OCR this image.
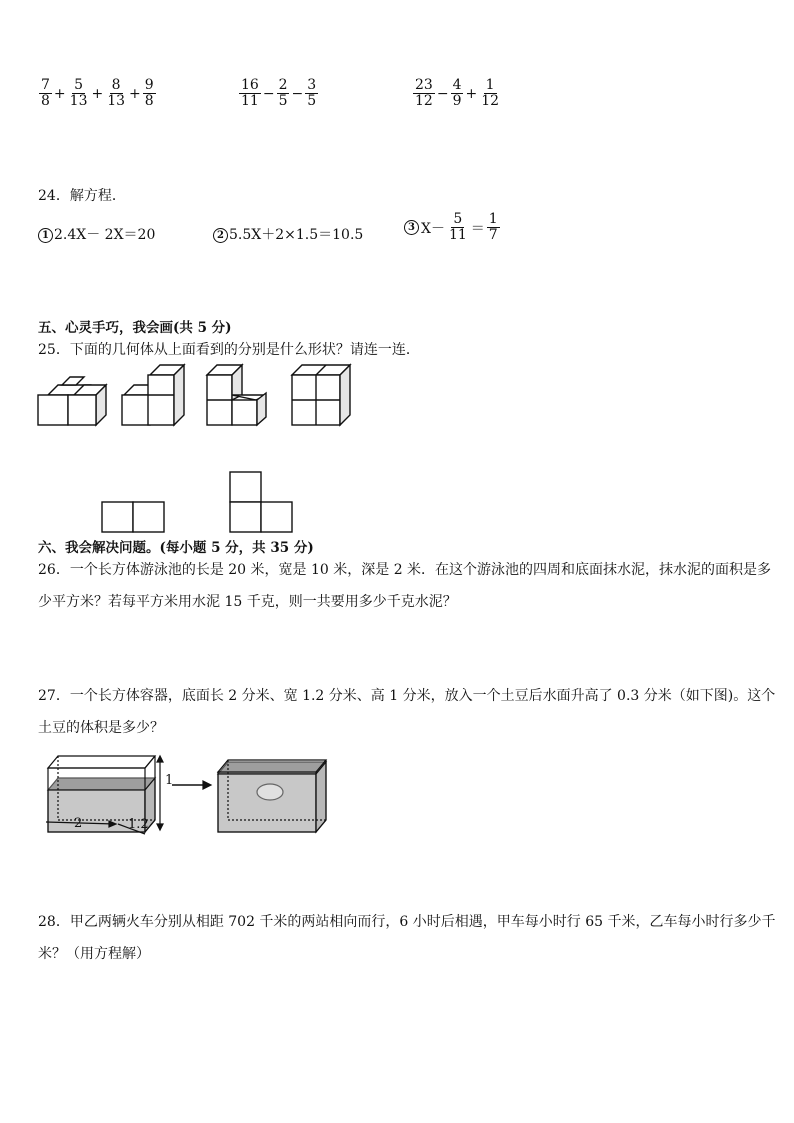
$\frac{7}{8} + \frac{5}{13} + \frac{8}{13} + \frac{9}{8}$	$\frac{16}{11} - \frac{2}{5} - \frac{3}{5}$	$\frac{23}{12} - \frac{4}{9} + \frac{1}{12}$
24．解方程．
1 2.4X－ 2X＝20	2 5.5X＋2×1.5＝10.5	3 $X- \frac{5}{11} = \frac{1}{7}$
五、心灵手巧，我会画(共 5 分)
25．下面的几何体从上面看到的分别是什么形状？请连一连．
六、我会解决问题。(每小题 5 分，共 35 分)
26．一个长方体游泳池的长是 20 米，宽是 10 米，深是 2 米．在这个游泳池的四周和底面抹水泥，抹水泥的面积是多
少平方米？若每平方米用水泥 15 千克，则一共要用多少千克水泥？
27．一个长方体容器，底面长 2 分米、宽 1.2 分米、高 1 分米，放入一个土豆后水面升高了 0.3 分米（如下图)。这个
土豆的体积是多少？
1
2	1.2
28．甲乙两辆火车分别从相距 702 千米的两站相向而行，6 小时后相遇，甲车每小时行 65 千米，乙车每小时行多少千
米？（用方程解）
